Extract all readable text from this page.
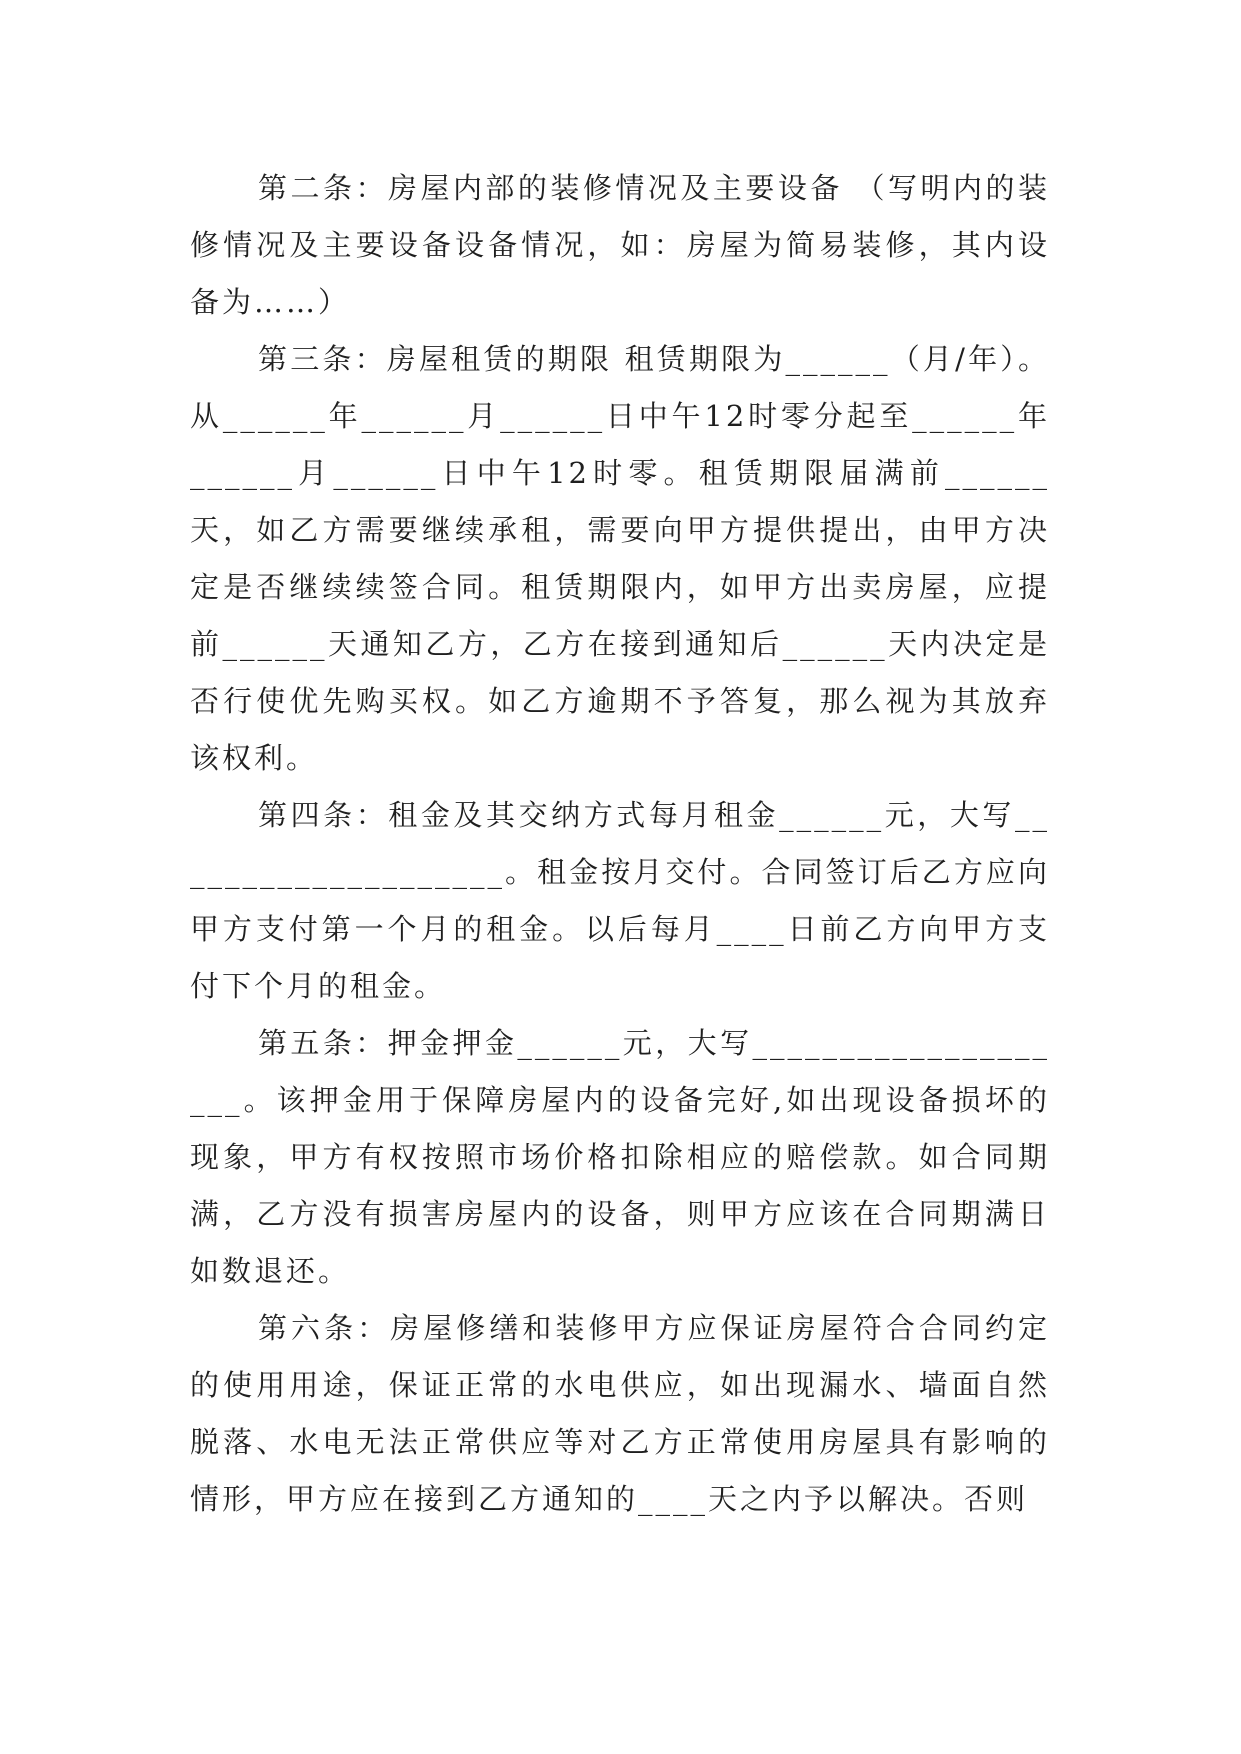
第二条：房屋内部的装修情况及主要设备 （写明内的装修情况及主要设备设备情况，如：房屋为简易装修，其内设备为……）

第三条：房屋租赁的期限 租赁期限为______（月/年）。从______年______月______日中午12时零分起至______年______月______日中午12时零。租赁期限届满前______天，如乙方需要继续承租，需要向甲方提供提出，由甲方决定是否继续续签合同。租赁期限内，如甲方出卖房屋，应提前______天通知乙方，乙方在接到通知后______天内决定是否行使优先购买权。如乙方逾期不予答复，那么视为其放弃该权利。

第四条：租金及其交纳方式每月租金______元，大写____________________。租金按月交付。合同签订后乙方应向甲方支付第一个月的租金。以后每月____日前乙方向甲方支付下个月的租金。

第五条：押金押金______元，大写____________________。该押金用于保障房屋内的设备完好,如出现设备损坏的现象，甲方有权按照市场价格扣除相应的赔偿款。如合同期满，乙方没有损害房屋内的设备，则甲方应该在合同期满日如数退还。

第六条：房屋修缮和装修甲方应保证房屋符合合同约定的使用用途，保证正常的水电供应，如出现漏水、墙面自然脱落、水电无法正常供应等对乙方正常使用房屋具有影响的情形，甲方应在接到乙方通知的____天之内予以解决。否则
